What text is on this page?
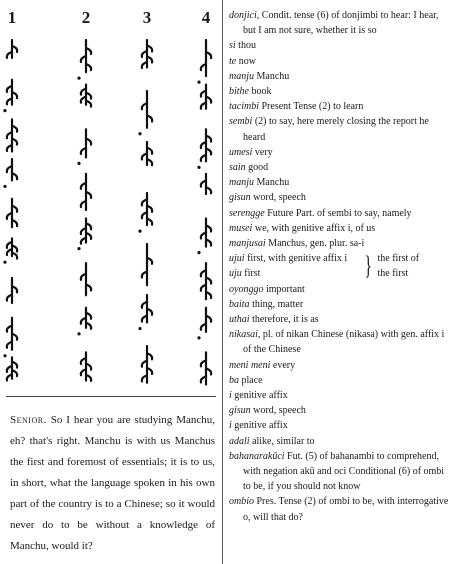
1	2	3	4
Senior. So I hear you are studying Manchu, eh? that's right. Manchu is with us Manchus the first and foremost of essentials; it is to us, in short, what the language spoken in his own part of the country is to a Chinese; so it would never do to be without a knowledge of Manchu, would it?
donjici, Condit. tense (6) of donjimbi to hear: I hear, but I am not sure, whether it is so
si thou
te now
manju Manchu
bithe book
tacimbi Present Tense (2) to learn
sembi (2) to say, here merely closing the report he heard
umesi very
sain good
manju Manchu
gisun word, speech
serengge Future Part. of sembi to say, namely
musei we, with genitive affix i, of us
manjusai Manchus, gen. plur. sa-i
ujui first, with genitive affix i
uju first	} the first of
the first
oyonggo important
baita thing, matter
uthai therefore, it is as
nikasai, pl. of nikan Chinese (nikasa) with gen. affix i of the Chinese
meni meni every
ba place
i genitive affix
gisun word, speech
i genitive affix
adali alike, similar to
bahanarakūci Fut. (5) of bahanambi to comprehend, with negation akū and oci Conditional (6) of ombi to be, if you should not know
ombio Pres. Tense (2) of ombi to be, with interrogative o, will that do?
